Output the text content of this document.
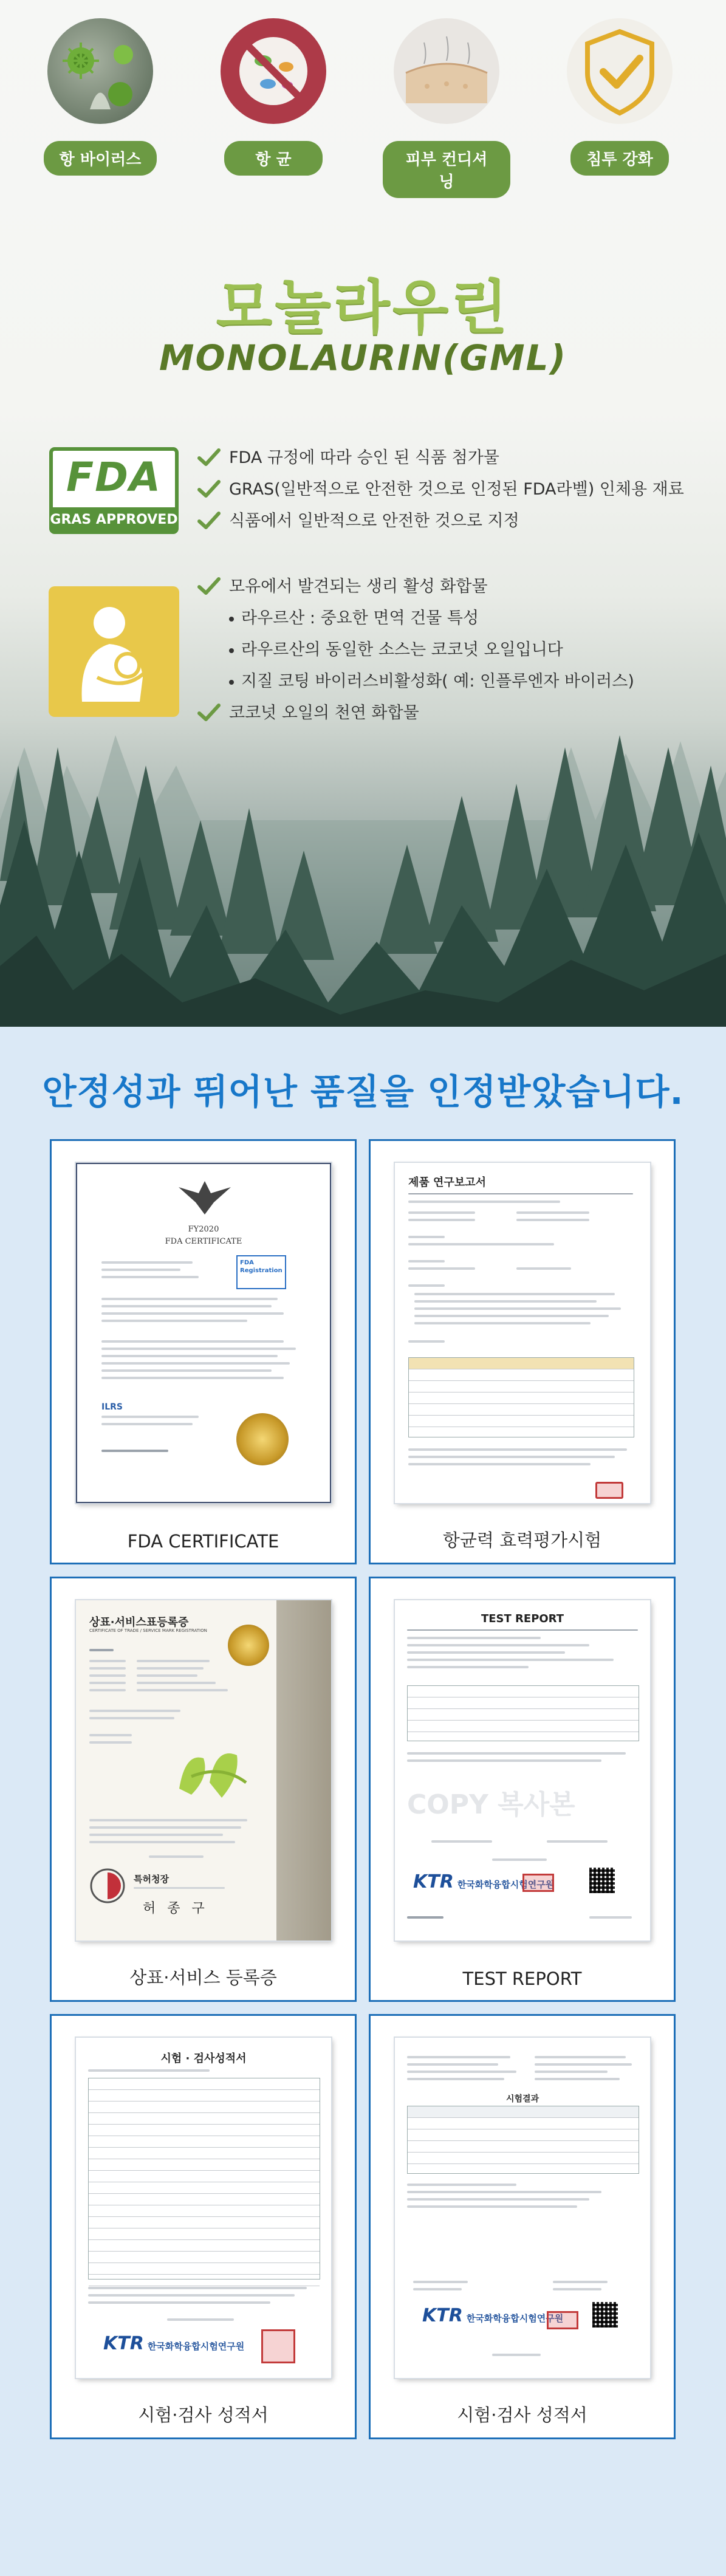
항 바이러스	항 균	피부 컨디셔닝
침투 강화
모놀라우린
MONOLAURIN(GML)
FDA
GRAS APPROVED
FDA 규정에 따라 승인 된 식품 첨가물
GRAS(일반적으로 안전한 것으로 인정된 FDA라벨) 인체용 재료
식품에서 일반적으로 안전한 것으로 지정
모유에서 발견되는 생리 활성 화합물
라우르산 : 중요한 면역 건물 특성
라우르산의 동일한 소스는 코코넛 오일입니다
지질 코팅 바이러스비활성화( 예: 인플루엔자 바이러스)
코코넛 오일의 천연 화합물
안정성과 뛰어난 품질을 인정받았습니다.
FY2020
FDA CERTIFICATE
FDA Registration
ILRS
FDA CERTIFICATE
제품 연구보고서
항균력 효력평가시험
상표·서비스표등록증
CERTIFICATE OF TRADE / SERVICE MARK REGISTRATION
특허청장
허 종 구
상표·서비스 등록증
TEST REPORT
COPY 복사본
KTR 한국화학융합시험연구원
TEST REPORT
시험 · 검사성적서
KTR 한국화학융합시험연구원
시험·검사 성적서
시험결과
KTR 한국화학융합시험연구원
시험·검사 성적서
